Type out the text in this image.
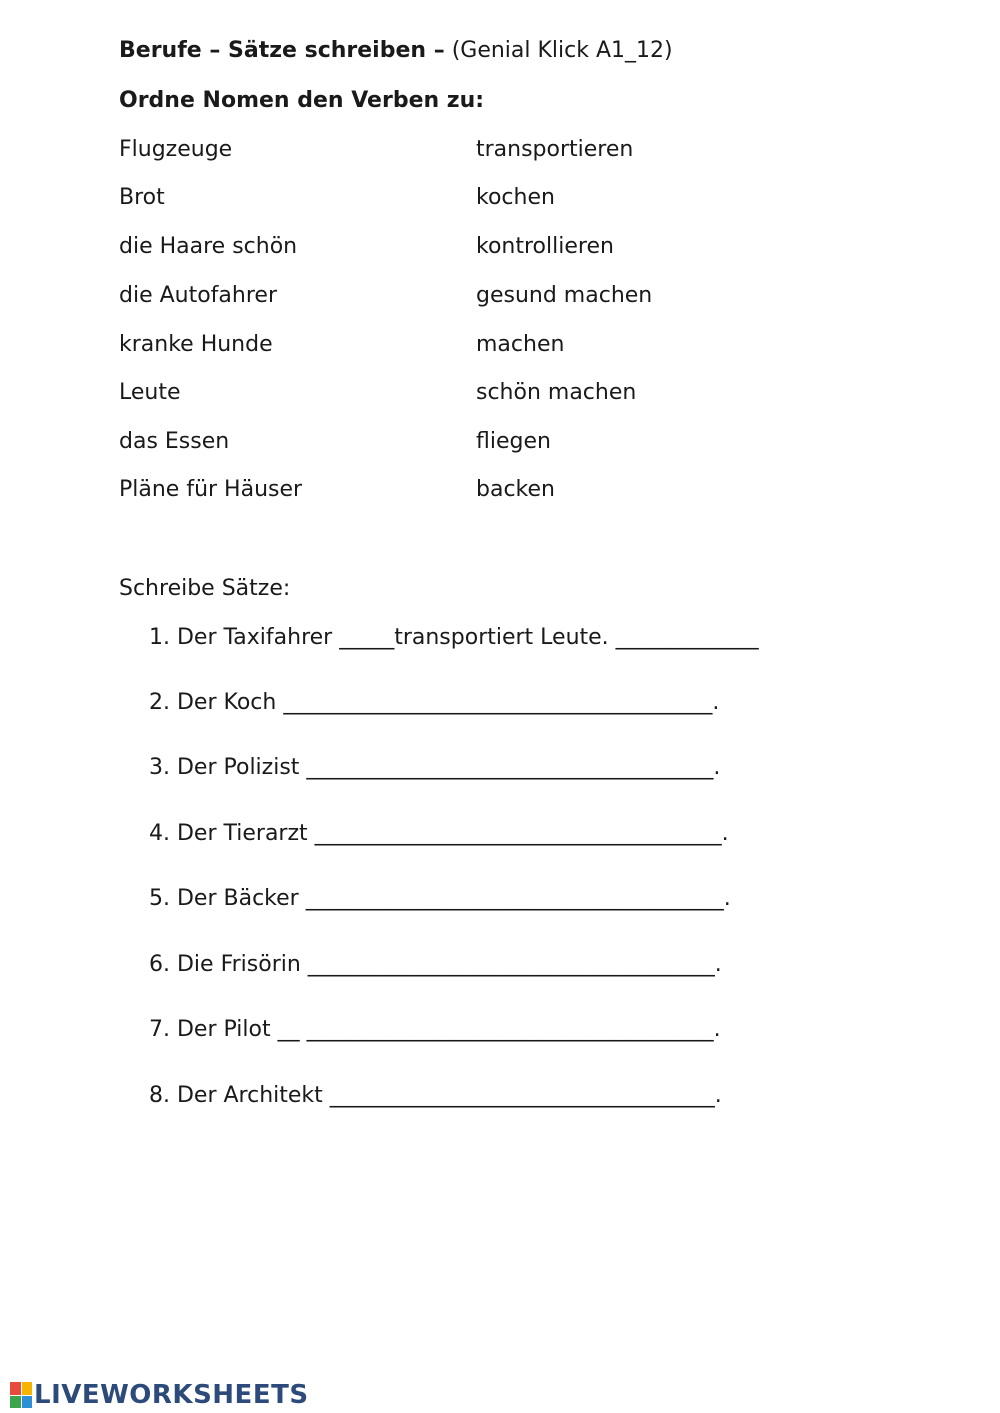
Berufe – Sätze schreiben – (Genial Klick A1_12)
Ordne Nomen den Verben zu:
Flugzeuge	transportieren
Brot	kochen
die Haare schön	kontrollieren
die Autofahrer	gesund machen
kranke Hunde	machen
Leute	schön machen
das Essen	fliegen
Pläne für Häuser	backen
Schreibe Sätze:
1. Der Taxifahrer _____transportiert Leute. _____________
2. Der Koch _______________________________________.
3. Der Polizist _____________________________________.
4. Der Tierarzt _____________________________________.
5. Der Bäcker ______________________________________.
6. Die Frisörin _____________________________________.
7. Der Pilot __ _____________________________________.
8. Der Architekt ___________________________________.
LIVEWORKSHEETS
